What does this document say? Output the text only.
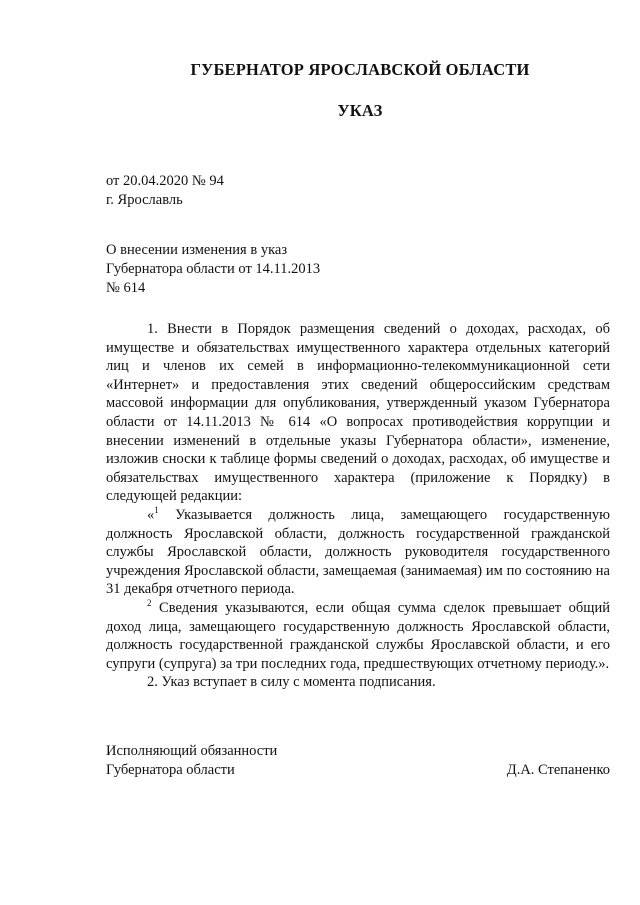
ГУБЕРНАТОР ЯРОСЛАВСКОЙ ОБЛАСТИ
УКАЗ
от 20.04.2020 № 94
г. Ярославль
О внесении изменения в указ
Губернатора области от 14.11.2013
№ 614

1. Внести в Порядок размещения сведений о доходах, расходах, об имуществе и обязательствах имущественного характера отдельных категорий лиц и членов их семей в информационно-телекоммуникационной сети «Интернет» и предоставления этих сведений общероссийским средствам массовой информации для опубликования, утвержденный указом Губернатора области от 14.11.2013 № 614 «О вопросах противодействия коррупции и внесении изменений в отдельные указы Губернатора области», изменение, изложив сноски к таблице формы сведений о доходах, расходах, об имуществе и обязательствах имущественного характера (приложение к Порядку) в следующей редакции:

«$^1$ Указывается должность лица, замещающего государственную должность Ярославской области, должность государственной гражданской службы Ярославской области, должность руководителя государственного учреждения Ярославской области, замещаемая (занимаемая) им по состоянию на 31 декабря отчетного периода.

$^2$ Сведения указываются, если общая сумма сделок превышает общий доход лица, замещающего государственную должность Ярославской области, должность государственной гражданской службы Ярославской области, и его супруги (супруга) за три последних года, предшествующих отчетному периоду.».

2. Указ вступает в силу с момента подписания.

Исполняющий обязанности
Губернатора области	Д.А. Степаненко
